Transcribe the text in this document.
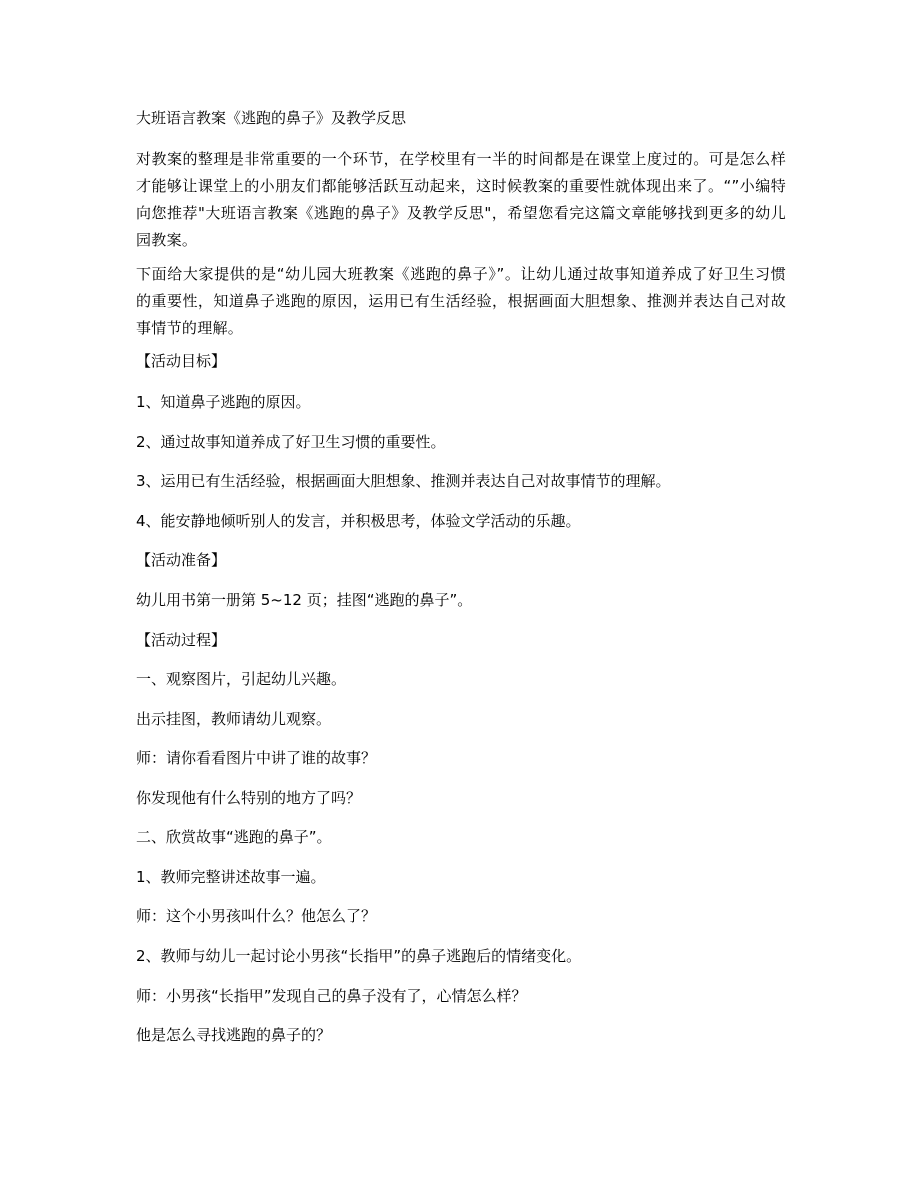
大班语言教案《逃跑的鼻子》及教学反思
对教案的整理是非常重要的一个环节，在学校里有一半的时间都是在课堂上度过的。可是怎么样才能够让课堂上的小朋友们都能够活跃互动起来，这时候教案的重要性就体现出来了。“”小编特向您推荐"大班语言教案《逃跑的鼻子》及教学反思"，希望您看完这篇文章能够找到更多的幼儿园教案。
下面给大家提供的是“幼儿园大班教案《逃跑的鼻子》”。让幼儿通过故事知道养成了好卫生习惯的重要性，知道鼻子逃跑的原因，运用已有生活经验，根据画面大胆想象、推测并表达自己对故事情节的理解。
【活动目标】
1、知道鼻子逃跑的原因。
2、通过故事知道养成了好卫生习惯的重要性。
3、运用已有生活经验，根据画面大胆想象、推测并表达自己对故事情节的理解。
4、能安静地倾听别人的发言，并积极思考，体验文学活动的乐趣。
【活动准备】
幼儿用书第一册第 5~12 页；挂图“逃跑的鼻子”。
【活动过程】
一、观察图片，引起幼儿兴趣。
出示挂图，教师请幼儿观察。
师：请你看看图片中讲了谁的故事？
你发现他有什么特别的地方了吗？
二、欣赏故事“逃跑的鼻子”。
1、教师完整讲述故事一遍。
师：这个小男孩叫什么？他怎么了？
2、教师与幼儿一起讨论小男孩“长指甲”的鼻子逃跑后的情绪变化。
师：小男孩“长指甲”发现自己的鼻子没有了，心情怎么样？
他是怎么寻找逃跑的鼻子的？
